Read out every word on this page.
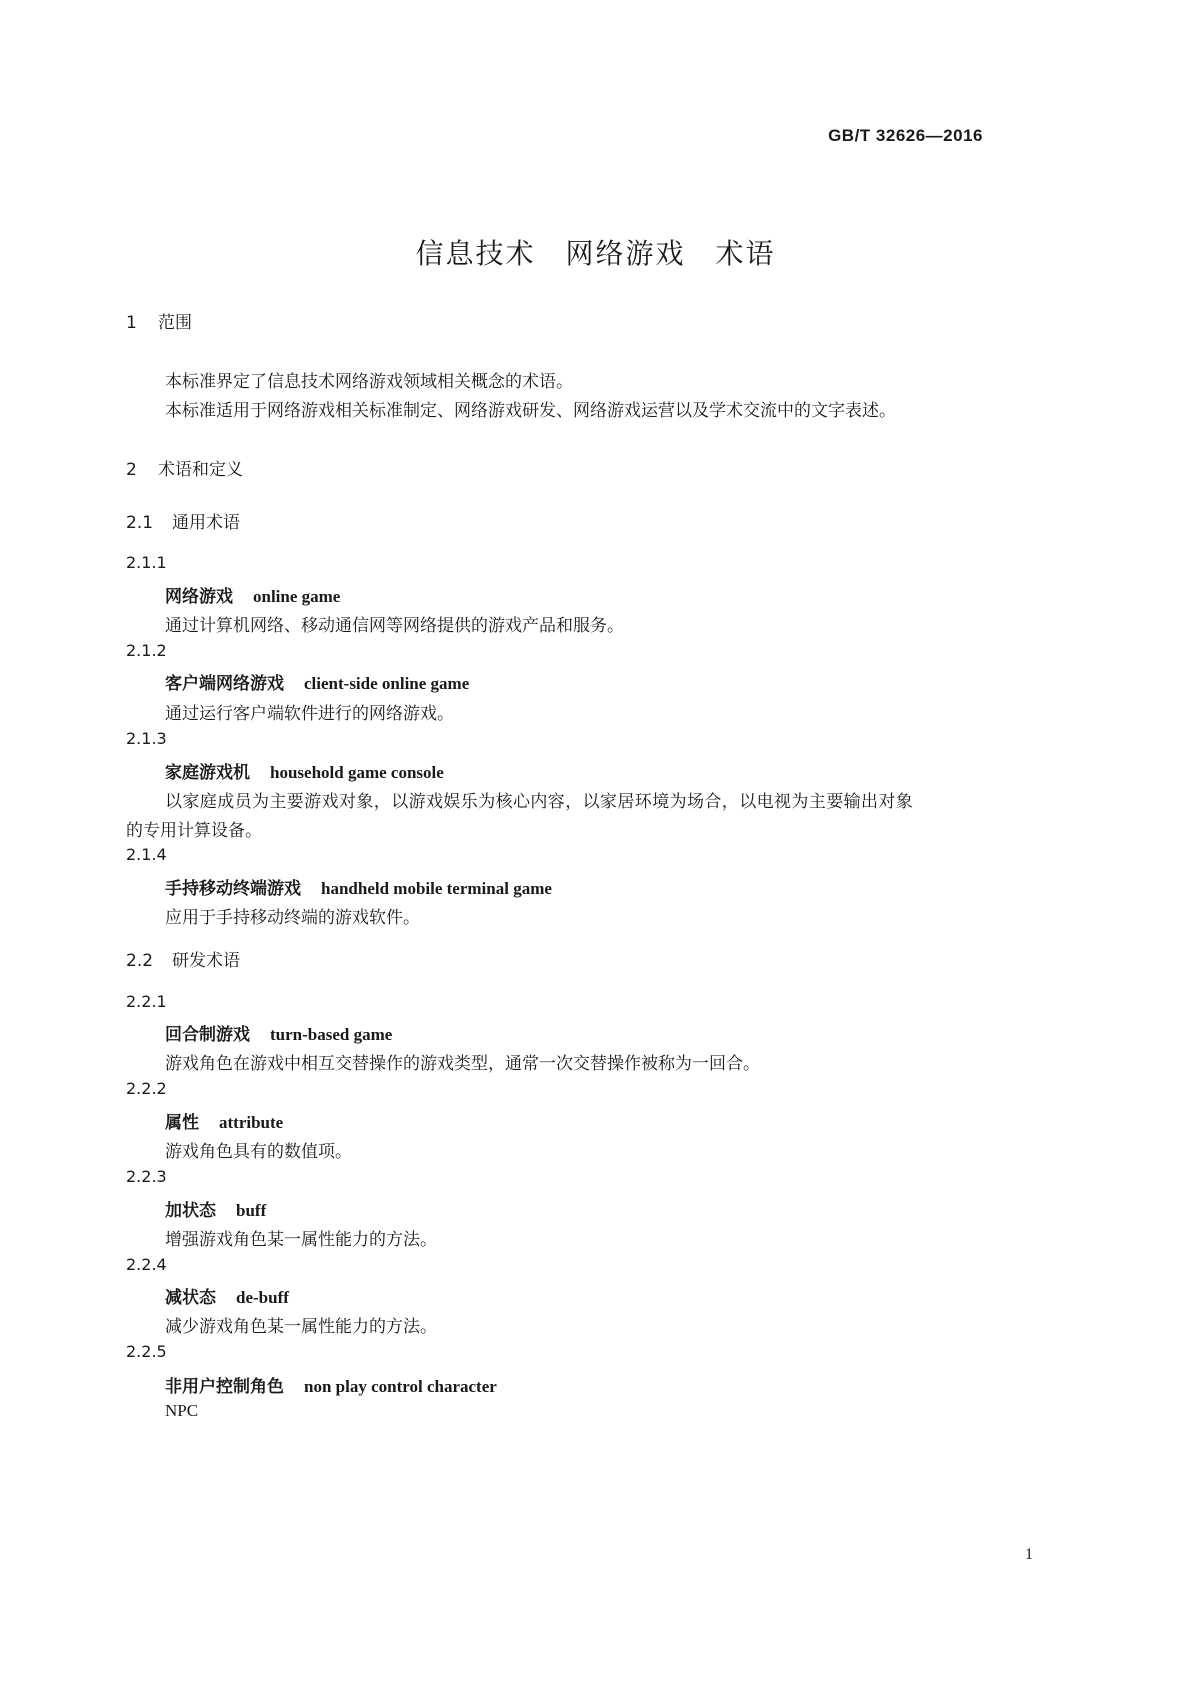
GB/T 32626—2016
信息技术　网络游戏　术语
1 范围
本标准界定了信息技术网络游戏领域相关概念的术语。
本标准适用于网络游戏相关标准制定、网络游戏研发、网络游戏运营以及学术交流中的文字表述。
2 术语和定义
2.1 通用术语
2.1.1
网络游戏 online game
通过计算机网络、移动通信网等网络提供的游戏产品和服务。
2.1.2
客户端网络游戏 client-side online game
通过运行客户端软件进行的网络游戏。
2.1.3
家庭游戏机 household game console
以家庭成员为主要游戏对象，以游戏娱乐为核心内容，以家居环境为场合，以电视为主要输出对象
的专用计算设备。
2.1.4
手持移动终端游戏 handheld mobile terminal game
应用于手持移动终端的游戏软件。
2.2 研发术语
2.2.1
回合制游戏 turn-based game
游戏角色在游戏中相互交替操作的游戏类型，通常一次交替操作被称为一回合。
2.2.2
属性 attribute
游戏角色具有的数值项。
2.2.3
加状态 buff
增强游戏角色某一属性能力的方法。
2.2.4
减状态 de-buff
减少游戏角色某一属性能力的方法。
2.2.5
非用户控制角色 non play control character
NPC
1
